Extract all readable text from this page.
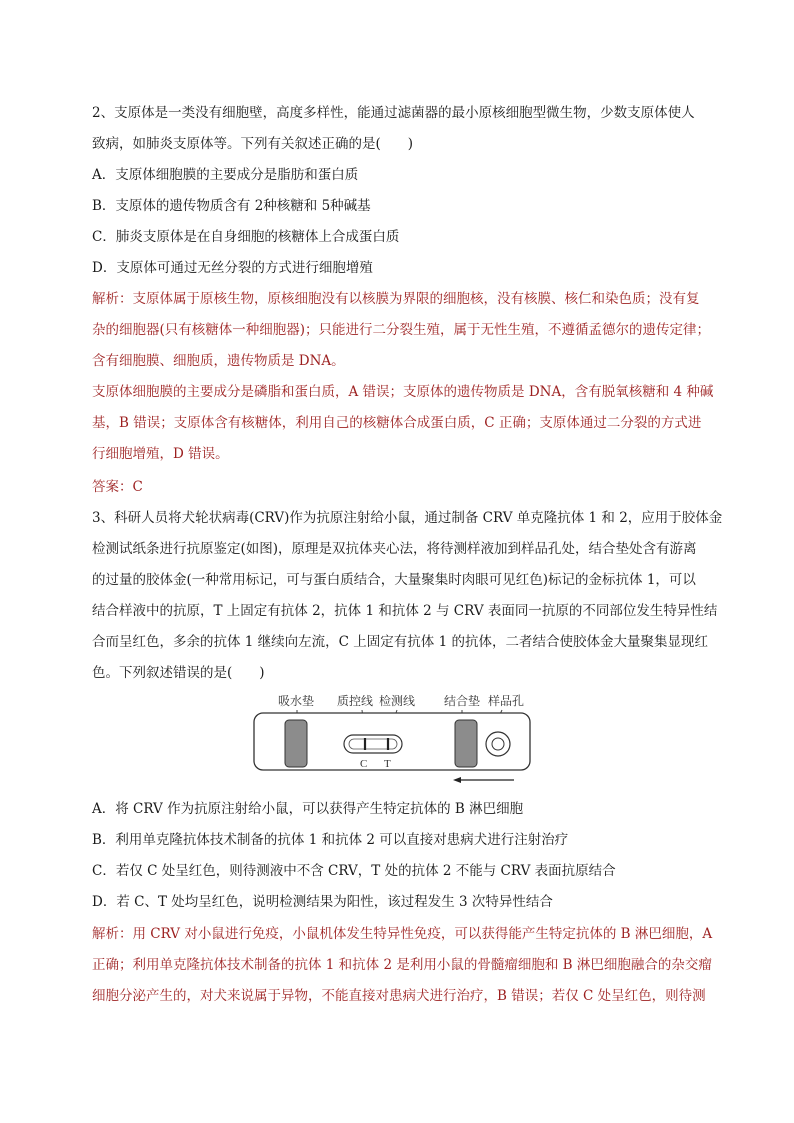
2、支原体是一类没有细胞壁，高度多样性，能通过滤菌器的最小原核细胞型微生物，少数支原体使人
致病，如肺炎支原体等。下列有关叙述正确的是(　　)
A．支原体细胞膜的主要成分是脂肪和蛋白质
B．支原体的遗传物质含有 2种核糖和 5种碱基
C．肺炎支原体是在自身细胞的核糖体上合成蛋白质
D．支原体可通过无丝分裂的方式进行细胞增殖
解析：支原体属于原核生物，原核细胞没有以核膜为界限的细胞核，没有核膜、核仁和染色质；没有复
杂的细胞器(只有核糖体一种细胞器)；只能进行二分裂生殖，属于无性生殖，不遵循孟德尔的遗传定律；
含有细胞膜、细胞质，遗传物质是 DNA。
支原体细胞膜的主要成分是磷脂和蛋白质，A 错误；支原体的遗传物质是 DNA，含有脱氧核糖和 4 种碱
基，B 错误；支原体含有核糖体，利用自己的核糖体合成蛋白质，C 正确；支原体通过二分裂的方式进
行细胞增殖，D 错误。
答案：C
3、科研人员将犬轮状病毒(CRV)作为抗原注射给小鼠，通过制备 CRV 单克隆抗体 1 和 2，应用于胶体金
检测试纸条进行抗原鉴定(如图)，原理是双抗体夹心法，将待测样液加到样品孔处，结合垫处含有游离
的过量的胶体金(一种常用标记，可与蛋白质结合，大量聚集时肉眼可见红色)标记的金标抗体 1，可以
结合样液中的抗原，T 上固定有抗体 2，抗体 1 和抗体 2 与 CRV 表面同一抗原的不同部位发生特异性结
合而呈红色，多余的抗体 1 继续向左流，C 上固定有抗体 1 的抗体，二者结合使胶体金大量聚集显现红
色。下列叙述错误的是(　　)
吸水垫 质控线 检测线 结合垫 样品孔
C T
A．将 CRV 作为抗原注射给小鼠，可以获得产生特定抗体的 B 淋巴细胞
B．利用单克隆抗体技术制备的抗体 1 和抗体 2 可以直接对患病犬进行注射治疗
C．若仅 C 处呈红色，则待测液中不含 CRV，T 处的抗体 2 不能与 CRV 表面抗原结合
D．若 C、T 处均呈红色，说明检测结果为阳性，该过程发生 3 次特异性结合
解析：用 CRV 对小鼠进行免疫，小鼠机体发生特异性免疫，可以获得能产生特定抗体的 B 淋巴细胞，A
正确；利用单克隆抗体技术制备的抗体 1 和抗体 2 是利用小鼠的骨髓瘤细胞和 B 淋巴细胞融合的杂交瘤
细胞分泌产生的，对犬来说属于异物，不能直接对患病犬进行治疗，B 错误；若仅 C 处呈红色，则待测
